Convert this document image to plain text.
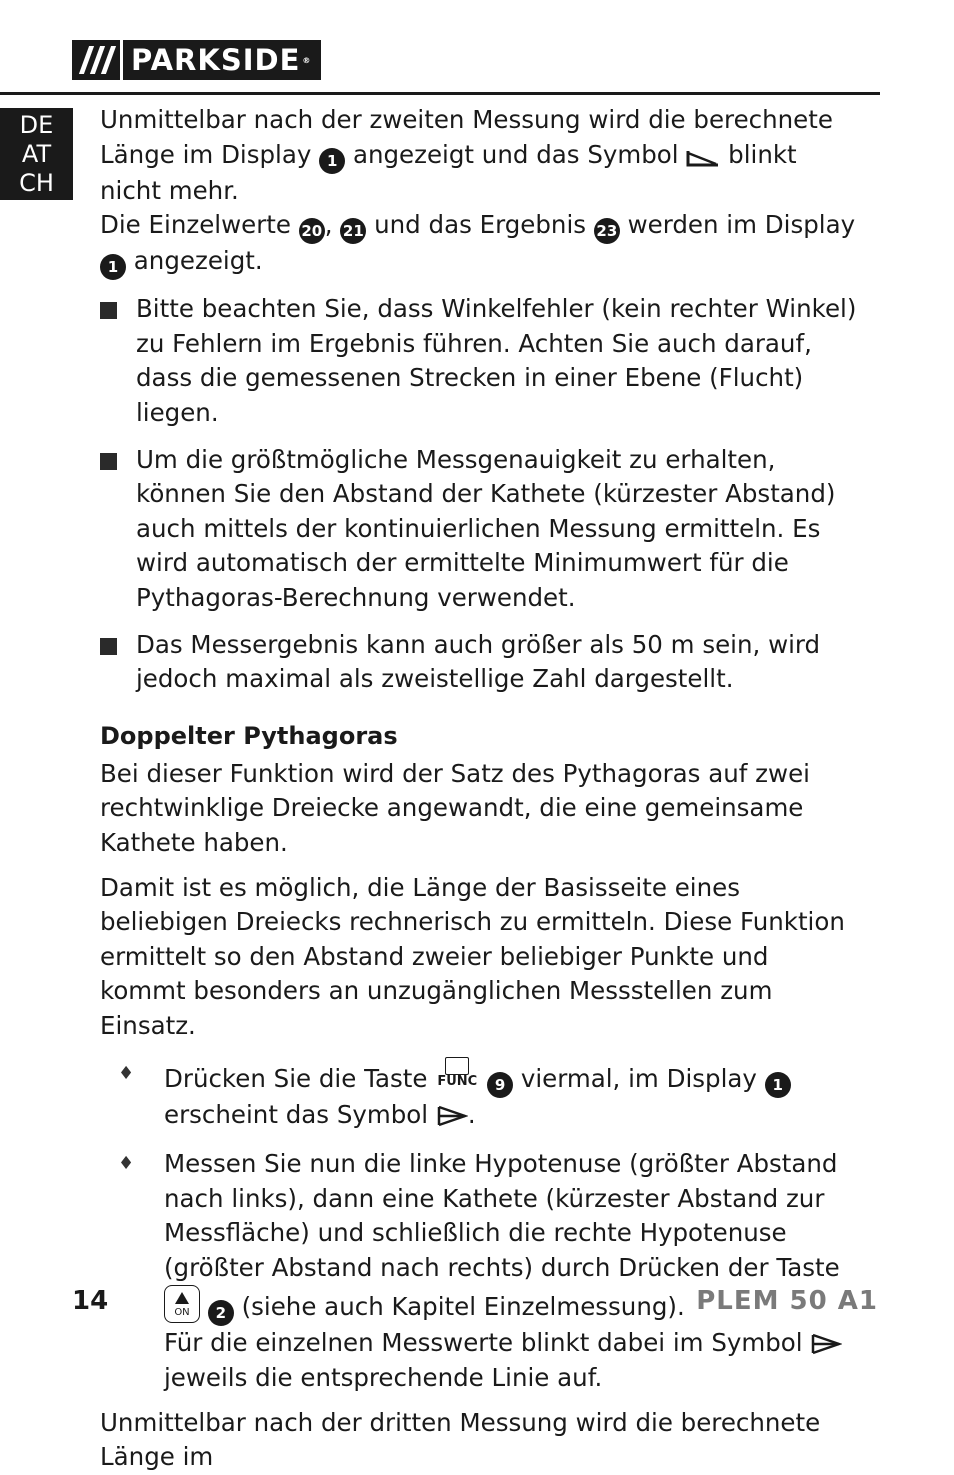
PARKSIDE ®
DE
AT
CH

Unmittelbar nach der zweiten Messung wird die berechnete Länge im Display 1 angezeigt und das Symbol  blinkt nicht mehr.

Die Einzelwerte 20 , 21 und das Ergebnis 23 werden im Display 1 angezeigt.

Bitte beachten Sie, dass Winkelfehler (kein rechter Winkel) zu Fehlern im Ergebnis führen. Achten Sie auch darauf, dass die gemessenen Strecken in einer Ebene (Flucht) liegen.

Um die größtmögliche Messgenauigkeit zu erhalten, können Sie den Abstand der Kathete (kürzester Abstand) auch mittels der kontinuierlichen Messung ermitteln. Es wird automatisch der ermittelte Minimumwert für die Pythagoras-Berechnung verwendet.

Das Messergebnis kann auch größer als 50 m sein, wird jedoch maximal als zweistellige Zahl dargestellt.

Doppelter Pythagoras

Bei dieser Funktion wird der Satz des Pythagoras auf zwei rechtwinklige Dreiecke angewandt, die eine gemeinsame Kathete haben.

Damit ist es möglich, die Länge der Basisseite eines beliebigen Dreiecks rechnerisch zu ermitteln. Diese Funktion ermittelt so den Abstand zweier beliebiger Punkte und kommt besonders an unzugänglichen Messstellen zum Einsatz.

♦ Drücken Sie die Taste FUNC 9 viermal, im Display 1 erscheint das Symbol .

♦ Messen Sie nun die linke Hypotenuse (größter Abstand nach links), dann eine Kathete (kürzester Abstand zur Messfläche) und schließlich die rechte Hypotenuse (größter Abstand nach rechts) durch Drücken der Taste
ON	2 (siehe auch Kapitel Einzelmessung).
Für die einzelnen Messwerte blinkt dabei im Symbol  jeweils die entsprechende Linie auf.

Unmittelbar nach der dritten Messung wird die berechnete Länge im

14	PLEM 50 A1
